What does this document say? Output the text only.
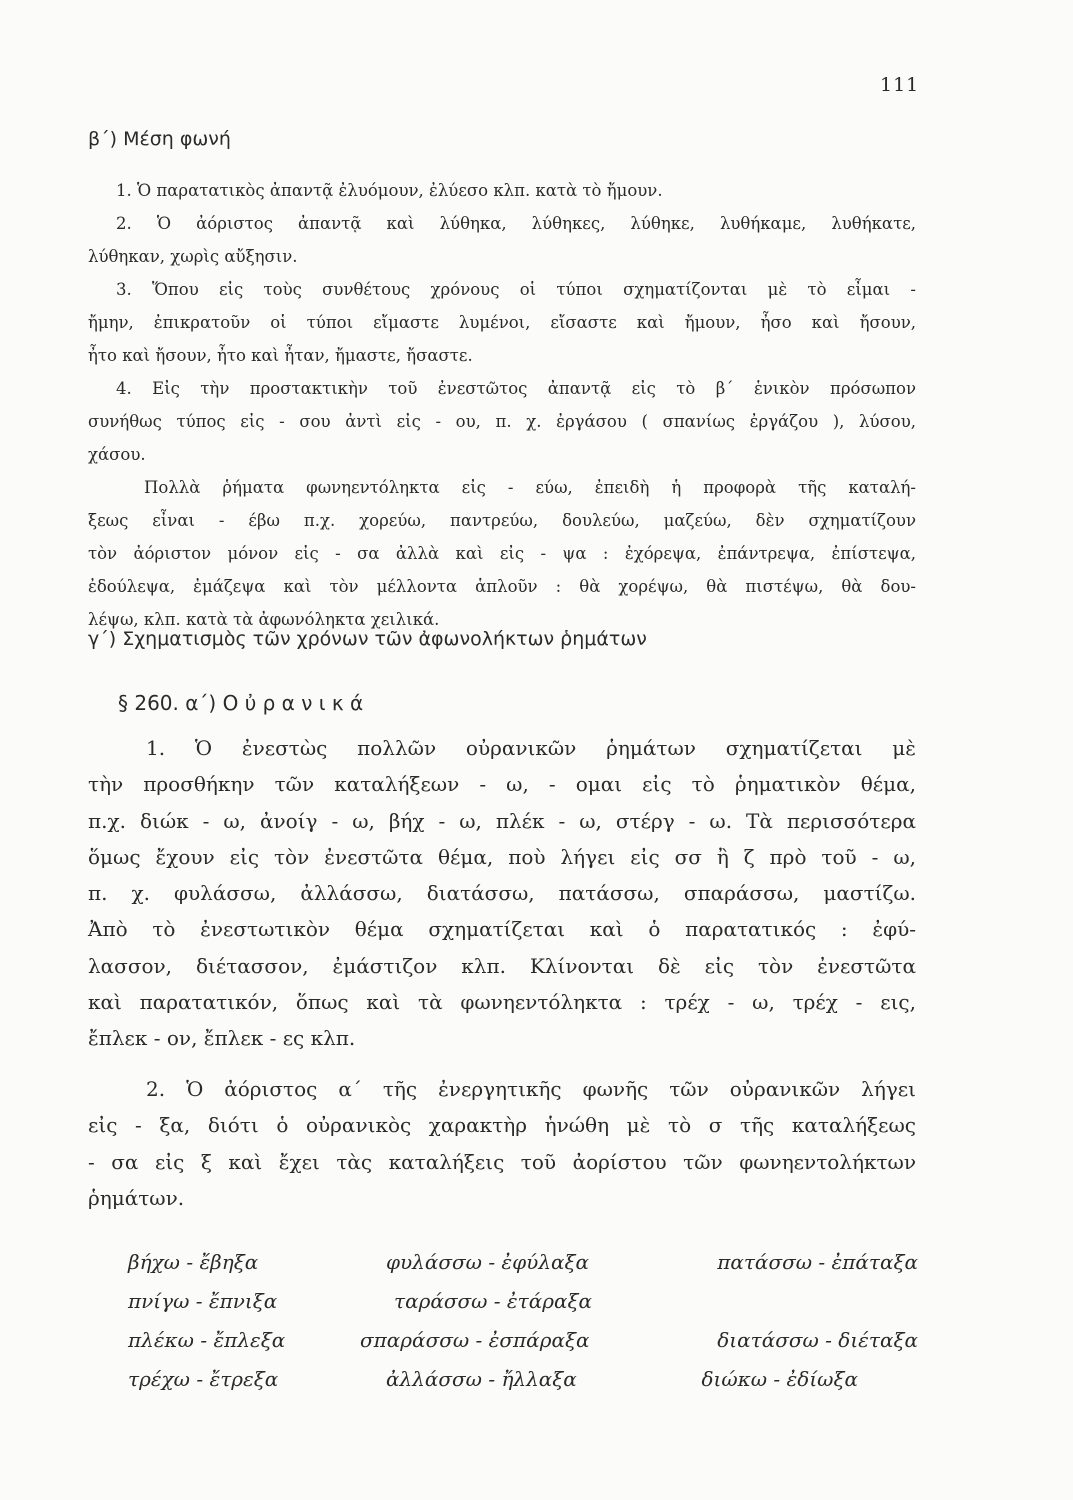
111
β΄) Μέση φωνή
1. Ὁ παρατατικὸς ἀπαντᾷ ἐλυόμουν, ἐλύεσο κλπ. κατὰ τὸ ἤμουν.
2. Ὁ ἀόριστος ἀπαντᾷ καὶ λύθηκα, λύθηκες, λύθηκε, λυθήκαμε, λυθήκατε,
λύθηκαν, χωρὶς αὔξησιν.
3. Ὅπου εἰς τοὺς συνθέτους χρόνους οἱ τύποι σχηματίζονται μὲ τὸ εἶμαι -
ἤμην, ἐπικρατοῦν οἱ τύποι εἴμαστε λυμένοι, εἴσαστε καὶ ἤμουν, ἦσο καὶ ἤσουν,
ἦτο καὶ ἤσουν, ἦτο καὶ ἦταν, ἤμαστε, ἤσαστε.
4. Εἰς τὴν προστακτικὴν τοῦ ἐνεστῶτος ἀπαντᾷ εἰς τὸ β΄ ἑνικὸν πρόσωπον
συνήθως τύπος εἰς - σου ἀντὶ εἰς - ου, π. χ. ἐργάσου ( σπανίως ἐργάζου ), λύσου,
χάσου.
Πολλὰ ῥήματα φωνηεντόληκτα εἰς - εύω, ἐπειδὴ ἡ προφορὰ τῆς καταλή-
ξεως εἶναι - έβω π.χ. χορεύω, παντρεύω, δουλεύω, μαζεύω, δὲν σχηματίζουν
τὸν ἀόριστον μόνον εἰς - σα ἀλλὰ καὶ εἰς - ψα : ἐχόρεψα, ἐπάντρεψα, ἐπίστεψα,
ἐδούλεψα, ἐμάζεψα καὶ τὸν μέλλοντα ἁπλοῦν : θὰ χορέψω, θὰ πιστέψω, θὰ δου-
λέψω, κλπ. κατὰ τὰ ἀφωνόληκτα χειλικά.
γ΄) Σχηματισμὸς τῶν χρόνων τῶν ἀφωνολήκτων ῥημάτων
§ 260. α΄) Ο ὐ ρ α ν ι κ ά
1. Ὁ ἐνεστὼς πολλῶν οὐρανικῶν ῥημάτων σχηματίζεται μὲ
τὴν προσθήκην τῶν καταλήξεων - ω, - ομαι εἰς τὸ ῥηματικὸν θέμα,
π.χ. διώκ - ω, ἀνοίγ - ω, βήχ - ω, πλέκ - ω, στέργ - ω. Τὰ περισσότερα
ὅμως ἔχουν εἰς τὸν ἐνεστῶτα θέμα, ποὺ λήγει εἰς σσ ἢ ζ πρὸ τοῦ - ω,
π. χ. φυλάσσω, ἀλλάσσω, διατάσσω, πατάσσω, σπαράσσω, μαστίζω.
Ἀπὸ τὸ ἐνεστωτικὸν θέμα σχηματίζεται καὶ ὁ παρατατικός : ἐφύ-
λασσον, διέτασσον, ἐμάστιζον κλπ. Κλίνονται δὲ εἰς τὸν ἐνεστῶτα
καὶ παρατατικόν, ὅπως καὶ τὰ φωνηεντόληκτα : τρέχ - ω, τρέχ - εις,
ἔπλεκ - ον, ἔπλεκ - ες κλπ.
2. Ὁ ἀόριστος α΄ τῆς ἐνεργητικῆς φωνῆς τῶν οὐρανικῶν λήγει
εἰς - ξα, διότι ὁ οὐρανικὸς χαρακτὴρ ἡνώθη μὲ τὸ σ τῆς καταλήξεως
- σα εἰς ξ καὶ ἔχει τὰς καταλήξεις τοῦ ἀορίστου τῶν φωνηεντολήκτων
ῥημάτων.
βήχω - ἔβηξα	φυλάσσω - ἐφύλαξα	πατάσσω - ἐπάταξα
πνίγω - ἔπνιξα	ταράσσω - ἐτάραξα
πλέκω - ἔπλεξα	σπαράσσω - ἐσπάραξα	διατάσσω - διέταξα
τρέχω - ἔτρεξα	ἀλλάσσω - ἤλλαξα	διώκω - ἐδίωξα
